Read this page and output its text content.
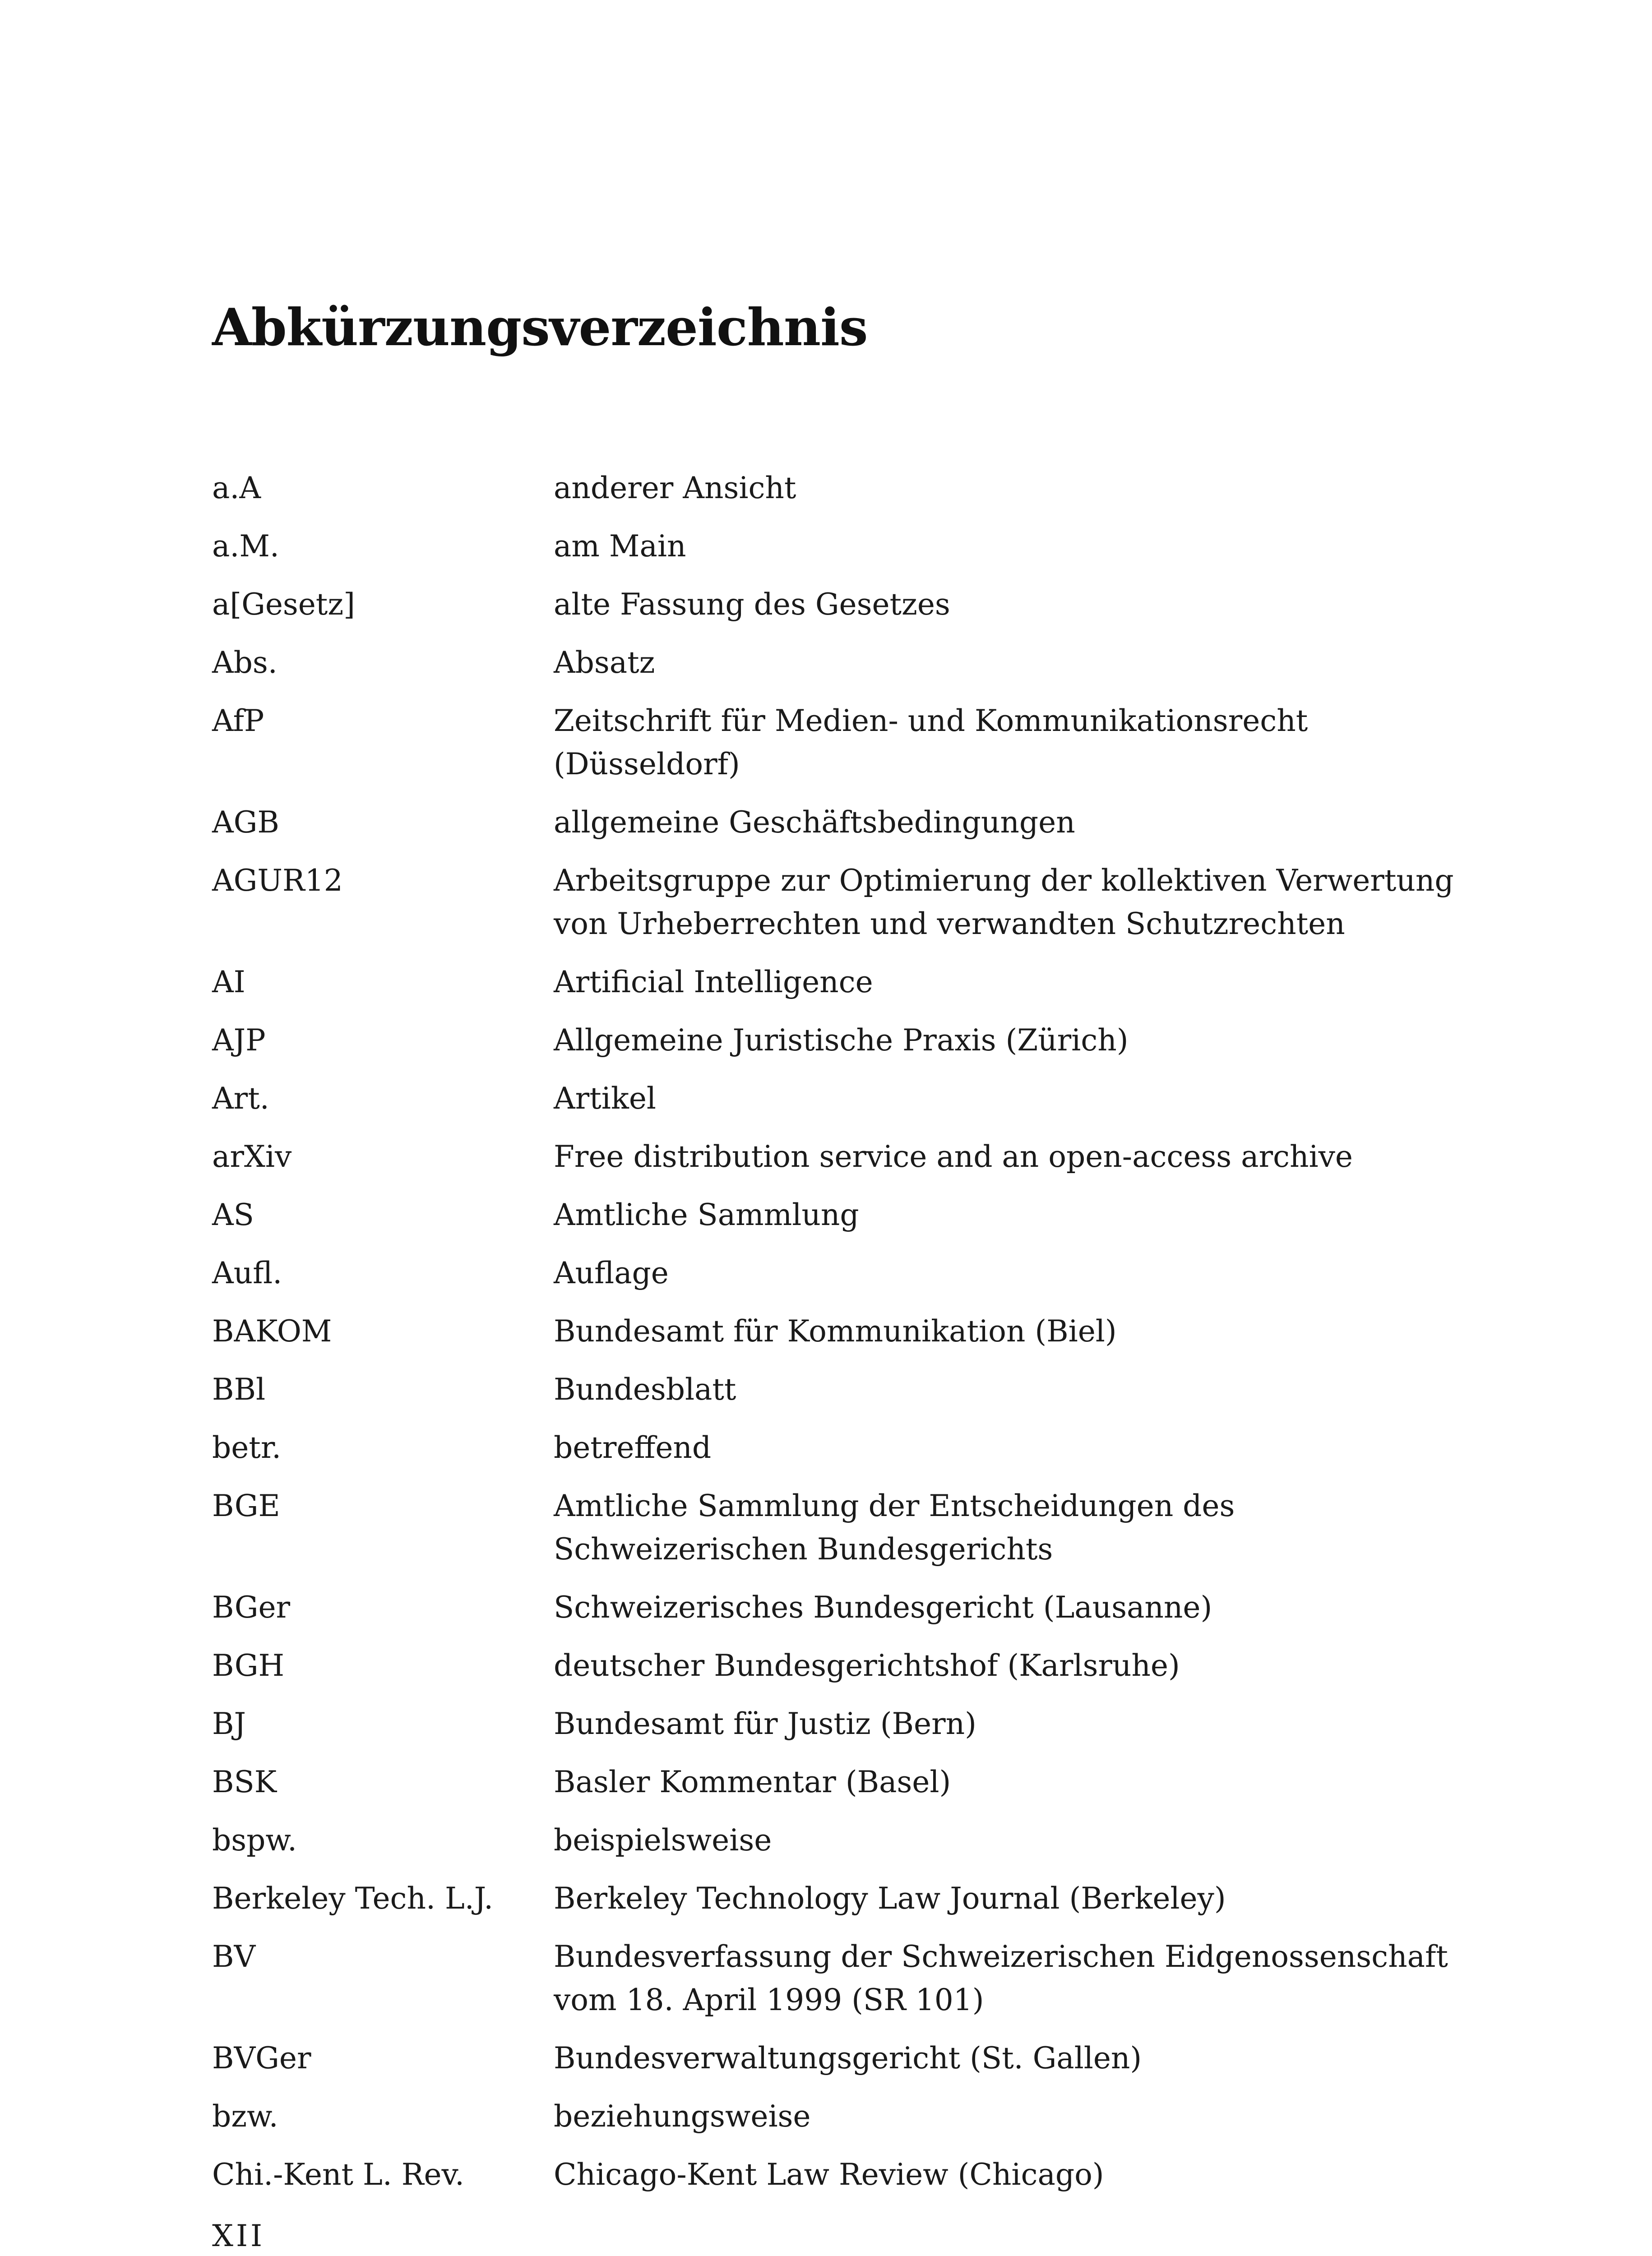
Abkürzungsverzeichnis
a.A	anderer Ansicht
a.M.	am Main
a[Gesetz]	alte Fassung des Gesetzes
Abs.	Absatz
AfP	Zeitschrift für Medien- und Kommunikationsrecht (Düsseldorf)
AGB	allgemeine Geschäftsbedingungen
AGUR12	Arbeitsgruppe zur Optimierung der kollektiven Verwertung von Urheberrechten und verwandten Schutzrechten
AI	Artificial Intelligence
AJP	Allgemeine Juristische Praxis (Zürich)
Art.	Artikel
arXiv	Free distribution service and an open-access archive
AS	Amtliche Sammlung
Aufl.	Auflage
BAKOM	Bundesamt für Kommunikation (Biel)
BBl	Bundesblatt
betr.	betreffend
BGE	Amtliche Sammlung der Entscheidungen des Schweizerischen Bundesgerichts
BGer	Schweizerisches Bundesgericht (Lausanne)
BGH	deutscher Bundesgerichtshof (Karlsruhe)
BJ	Bundesamt für Justiz (Bern)
BSK	Basler Kommentar (Basel)
bspw.	beispielsweise
Berkeley Tech. L.J.	Berkeley Technology Law Journal (Berkeley)
BV	Bundesverfassung der Schweizerischen Eidgenossenschaft vom 18. April 1999 (SR 101)
BVGer	Bundesverwaltungsgericht (St. Gallen)
bzw.	beziehungsweise
Chi.-Kent L. Rev.	Chicago-Kent Law Review (Chicago)
XII
